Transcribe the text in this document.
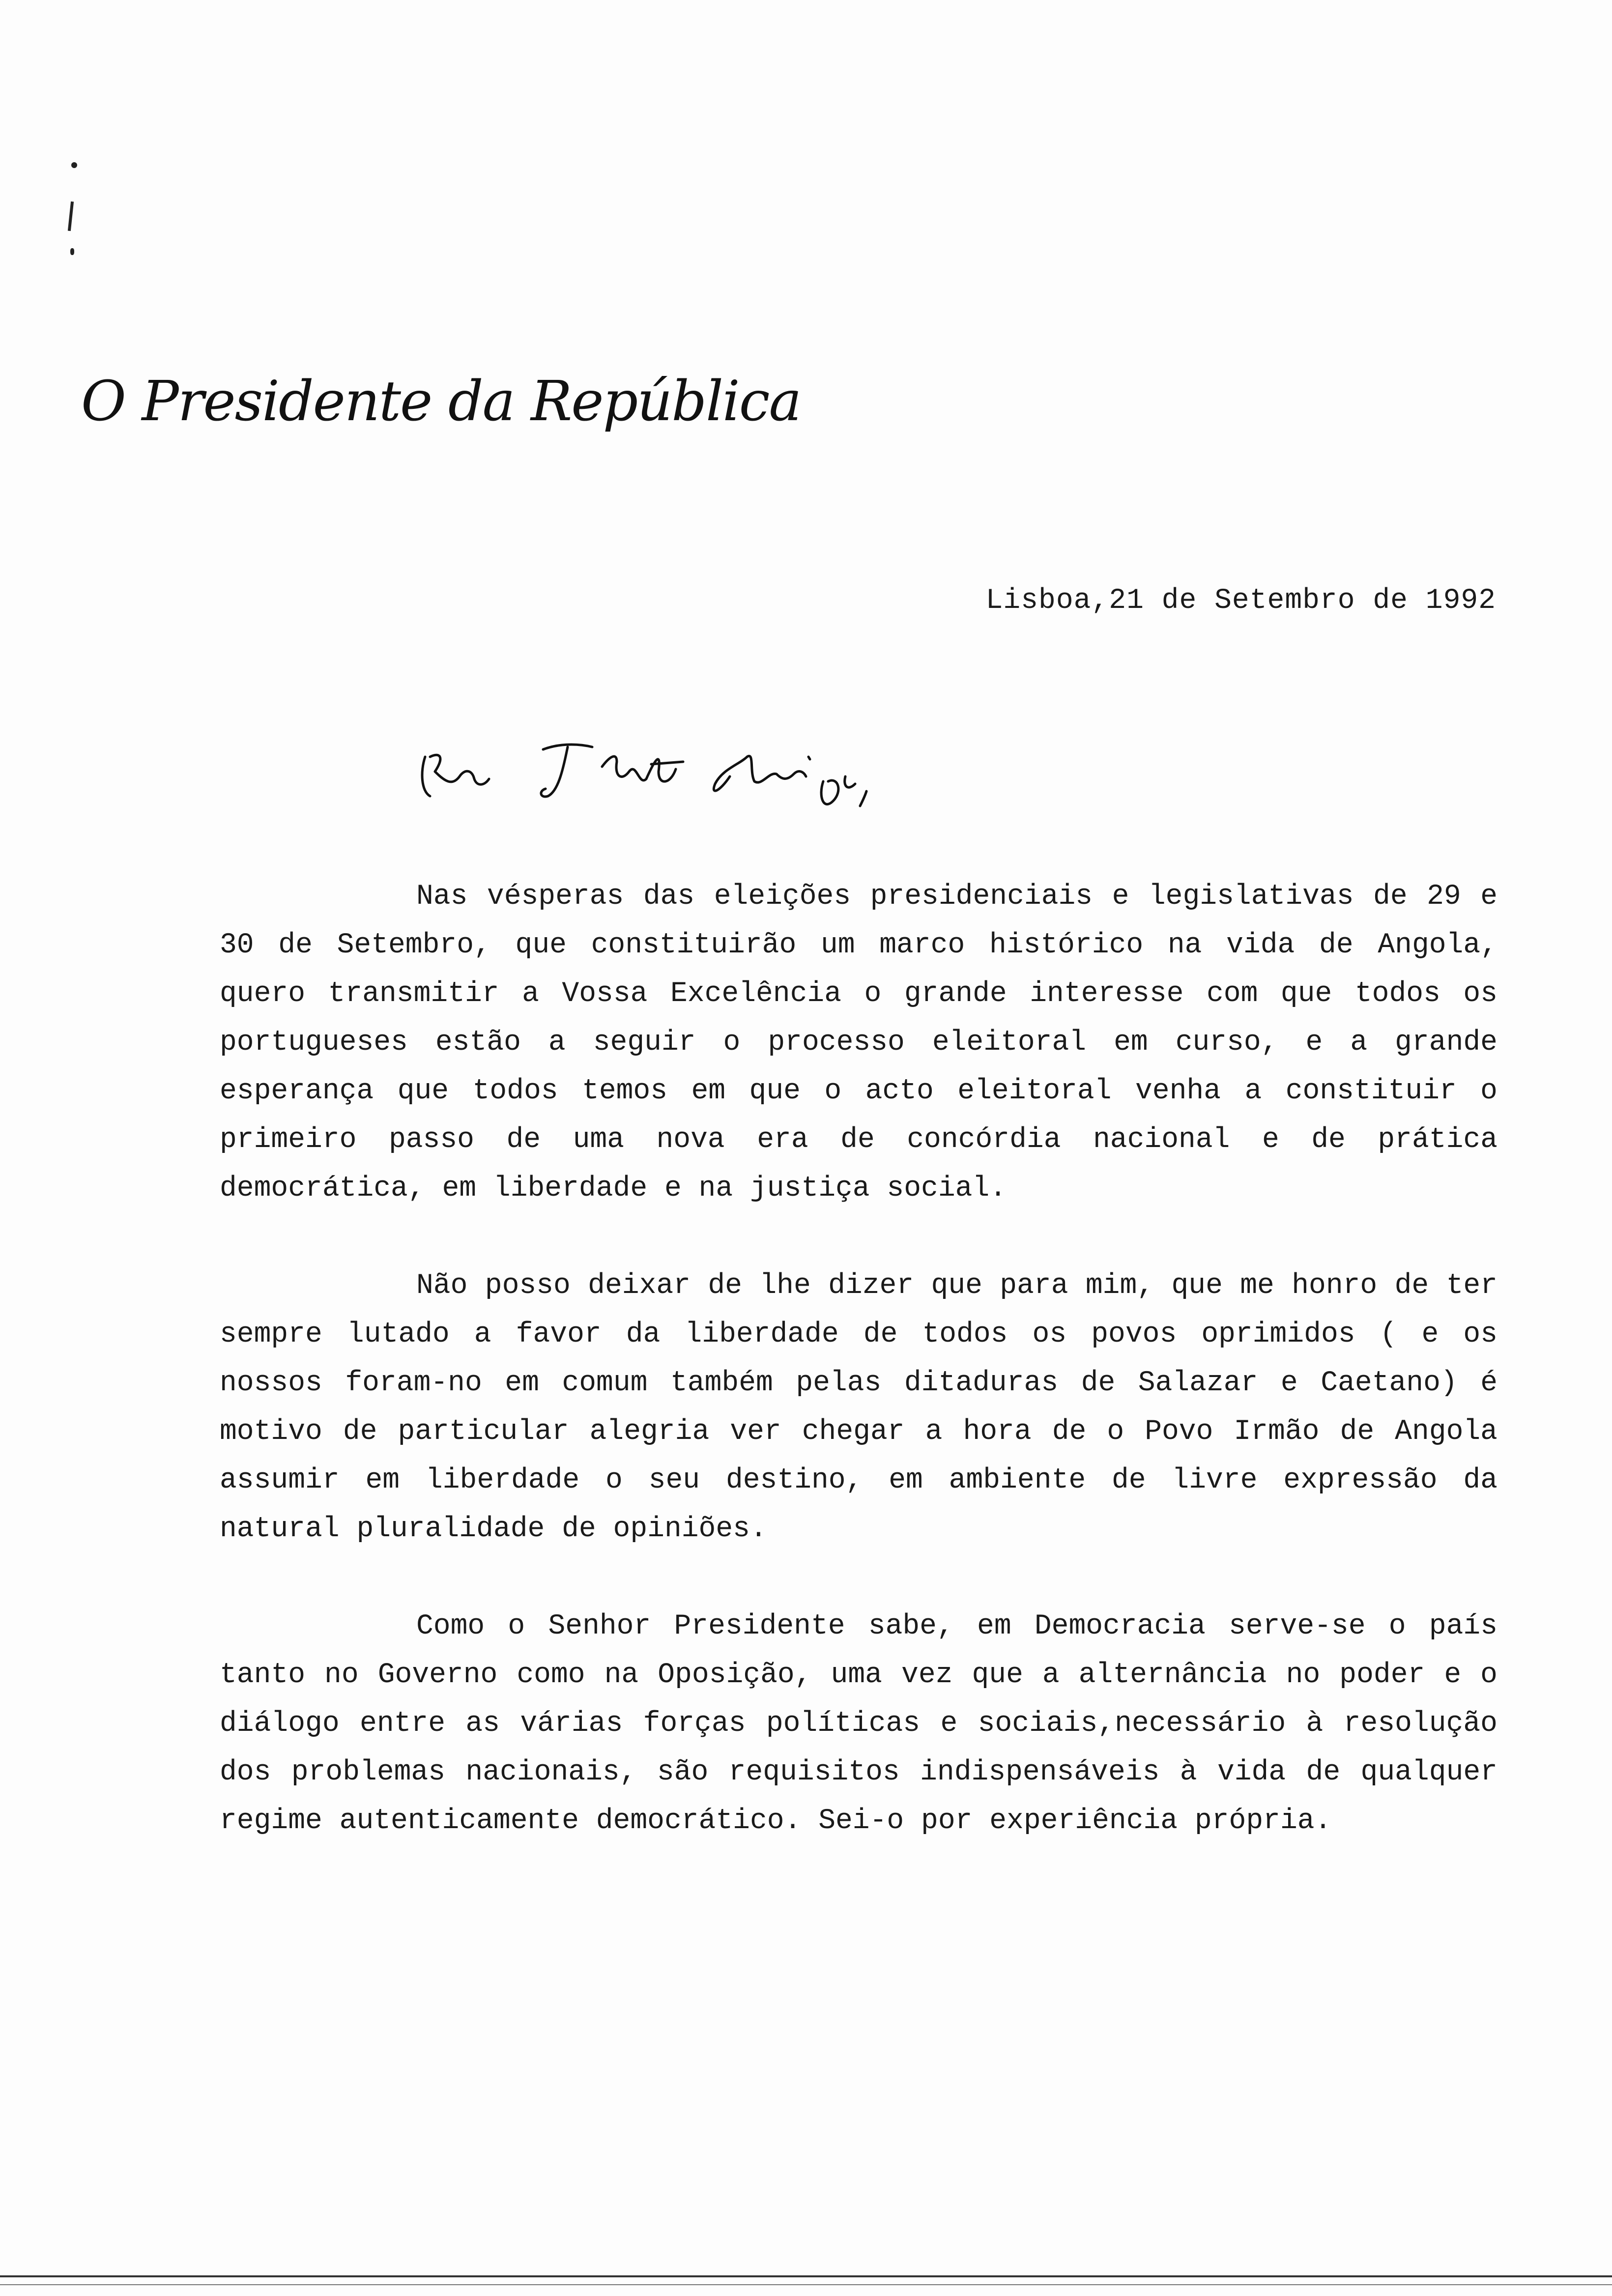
O Presidente da República
Lisboa,21 de Setembro de 1992
Caro e Ilustre Amigo,

Nas vésperas das eleições presidenciais e legislativas de 29 e 30 de Setembro, que constituirão um marco histórico na vida de Angola, quero transmitir a Vossa Excelência o grande interesse com que todos os portugueses estão a seguir o processo eleitoral em curso, e a grande esperança que todos temos em que o acto eleitoral venha a constituir o primeiro passo de uma nova era de concórdia nacional e de prática democrática, em liberdade e na justiça social.

Não posso deixar de lhe dizer que para mim, que me honro de ter sempre lutado a favor da liberdade de todos os povos oprimidos ( e os nossos foram-no em comum também pelas ditaduras de Salazar e Caetano) é motivo de particular alegria ver chegar a hora de o Povo Irmão de Angola assumir em liberdade o seu destino, em ambiente de livre expressão da natural pluralidade de opiniões.

Como o Senhor Presidente sabe, em Democracia serve-se o país tanto no Governo como na Oposição, uma vez que a alternância no poder e o diálogo entre as várias forças políticas e sociais,necessário à resolução dos problemas nacionais, são requisitos indispensáveis à vida de qualquer regime autenticamente democrático. Sei-o por experiência própria.
